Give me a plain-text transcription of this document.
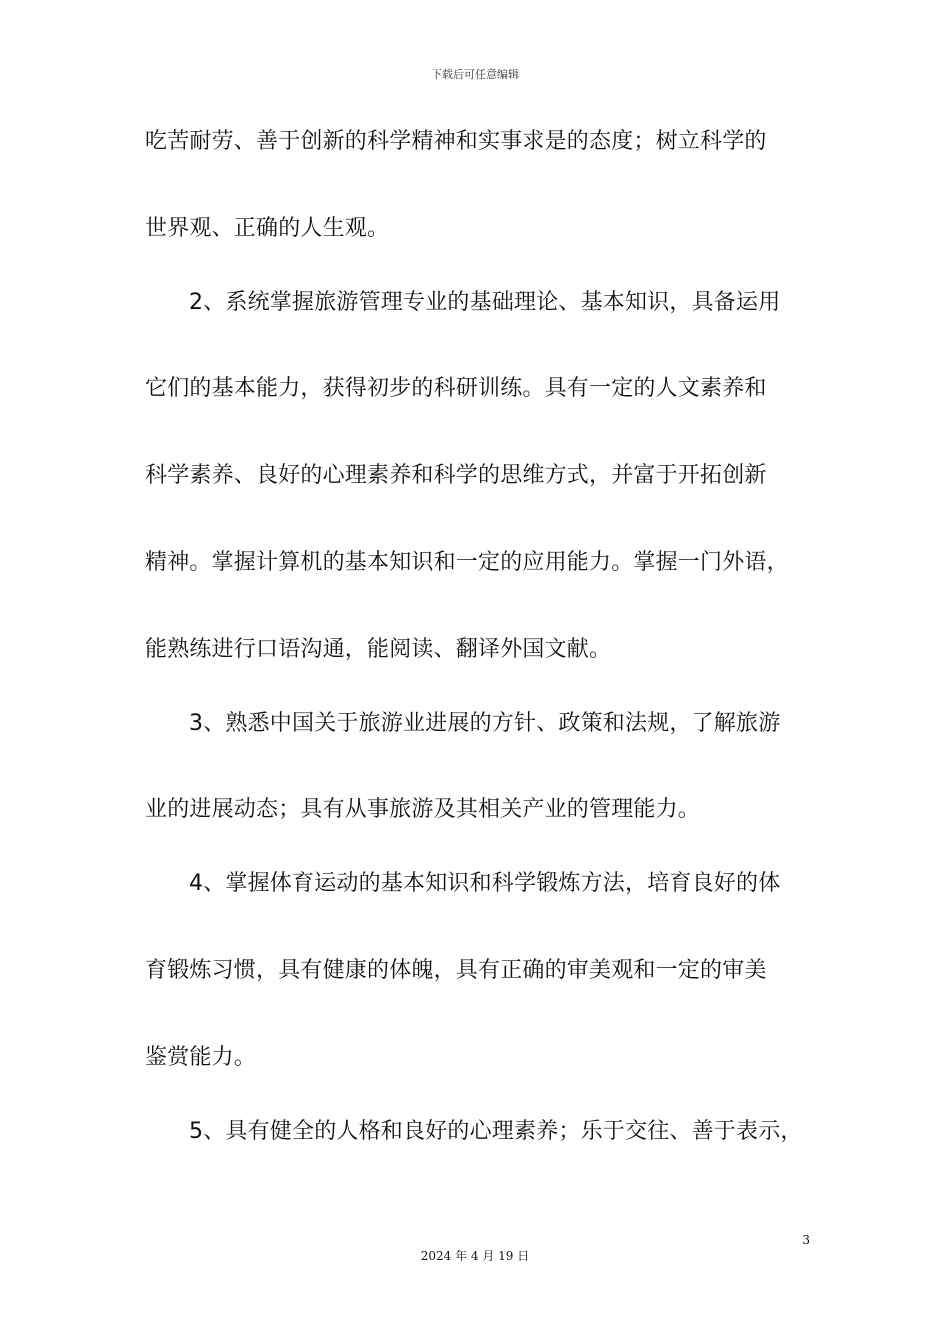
下载后可任意编辑
吃苦耐劳、善于创新的科学精神和实事求是的态度；树立科学的
世界观、正确的人生观。
2、系统掌握旅游管理专业的基础理论、基本知识，具备运用
它们的基本能力，获得初步的科研训练。具有一定的人文素养和
科学素养、良好的心理素养和科学的思维方式，并富于开拓创新
精神。掌握计算机的基本知识和一定的应用能力。掌握一门外语，
能熟练进行口语沟通，能阅读、翻译外国文献。
3、熟悉中国关于旅游业进展的方针、政策和法规，了解旅游
业的进展动态；具有从事旅游及其相关产业的管理能力。
4、掌握体育运动的基本知识和科学锻炼方法，培育良好的体
育锻炼习惯，具有健康的体魄，具有正确的审美观和一定的审美
鉴赏能力。
5、具有健全的人格和良好的心理素养；乐于交往、善于表示，
3
2024 年 4 月 19 日
